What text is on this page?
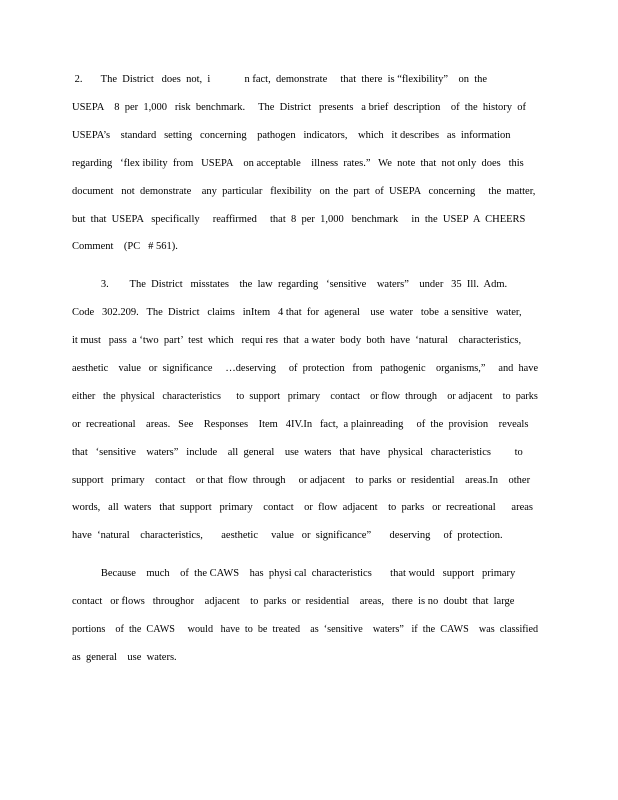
2.       The  District   does  not,  i             n fact,  demonstrate     that  there  is “flexibility”    on  the
USEPA    8  per  1,000   risk  benchmark.     The  District   presents   a brief  description    of  the  history  of
USEPA’s    standard   setting   concerning    pathogen   indicators,    which   it describes   as  information
regarding   ‘flex ibility  from   USEPA    on acceptable    illness  rates.”   We  note  that  not only  does   this
document   not  demonstrate    any  particular   flexibility   on  the  part  of  USEPA   concerning     the  matter,
but  that  USEPA   specifically     reaffirmed     that  8  per  1,000   benchmark     in  the  USEP  A  CHEERS
Comment    (PC   # 561).
3.        The  District   misstates    the  law  regarding   ‘sensitive    waters”    under   35  Ill.  Adm.
Code   302.209.   The  District   claims   inItem   4 that  for  ageneral    use  water   tobe  a sensitive   water,
it must   pass  a ‘two  part’  test  which   requi res  that  a water  body  both  have  ‘natural    characteristics,
aesthetic    value   or  significance     …deserving     of  protection   from   pathogenic    organisms,”     and  have
either   the  physical   characteristics      to  support   primary    contact    or flow  through    or adjacent    to  parks
or  recreational    areas.   See    Responses    Item   4IV.In   fact,  a plainreading     of  the  provision    reveals
that   ‘sensitive    waters”   include    all  general    use  waters   that  have   physical   characteristics         to
support   primary    contact    or that  flow  through     or adjacent    to  parks  or  residential    areas.In    other
words,   all  waters   that  support   primary    contact    or  flow  adjacent    to  parks   or  recreational      areas
have  ‘natural    characteristics,       aesthetic     value   or  significance”       deserving     of  protection.
Because    much    of  the CAWS    has  physi cal  characteristics       that would   support   primary
contact   or flows   throughor    adjacent    to  parks  or  residential    areas,   there  is no  doubt  that  large
portions    of  the  CAWS     would   have  to  be  treated    as  ‘sensitive    waters”   if  the  CAWS    was  classified
as  general    use  waters.
